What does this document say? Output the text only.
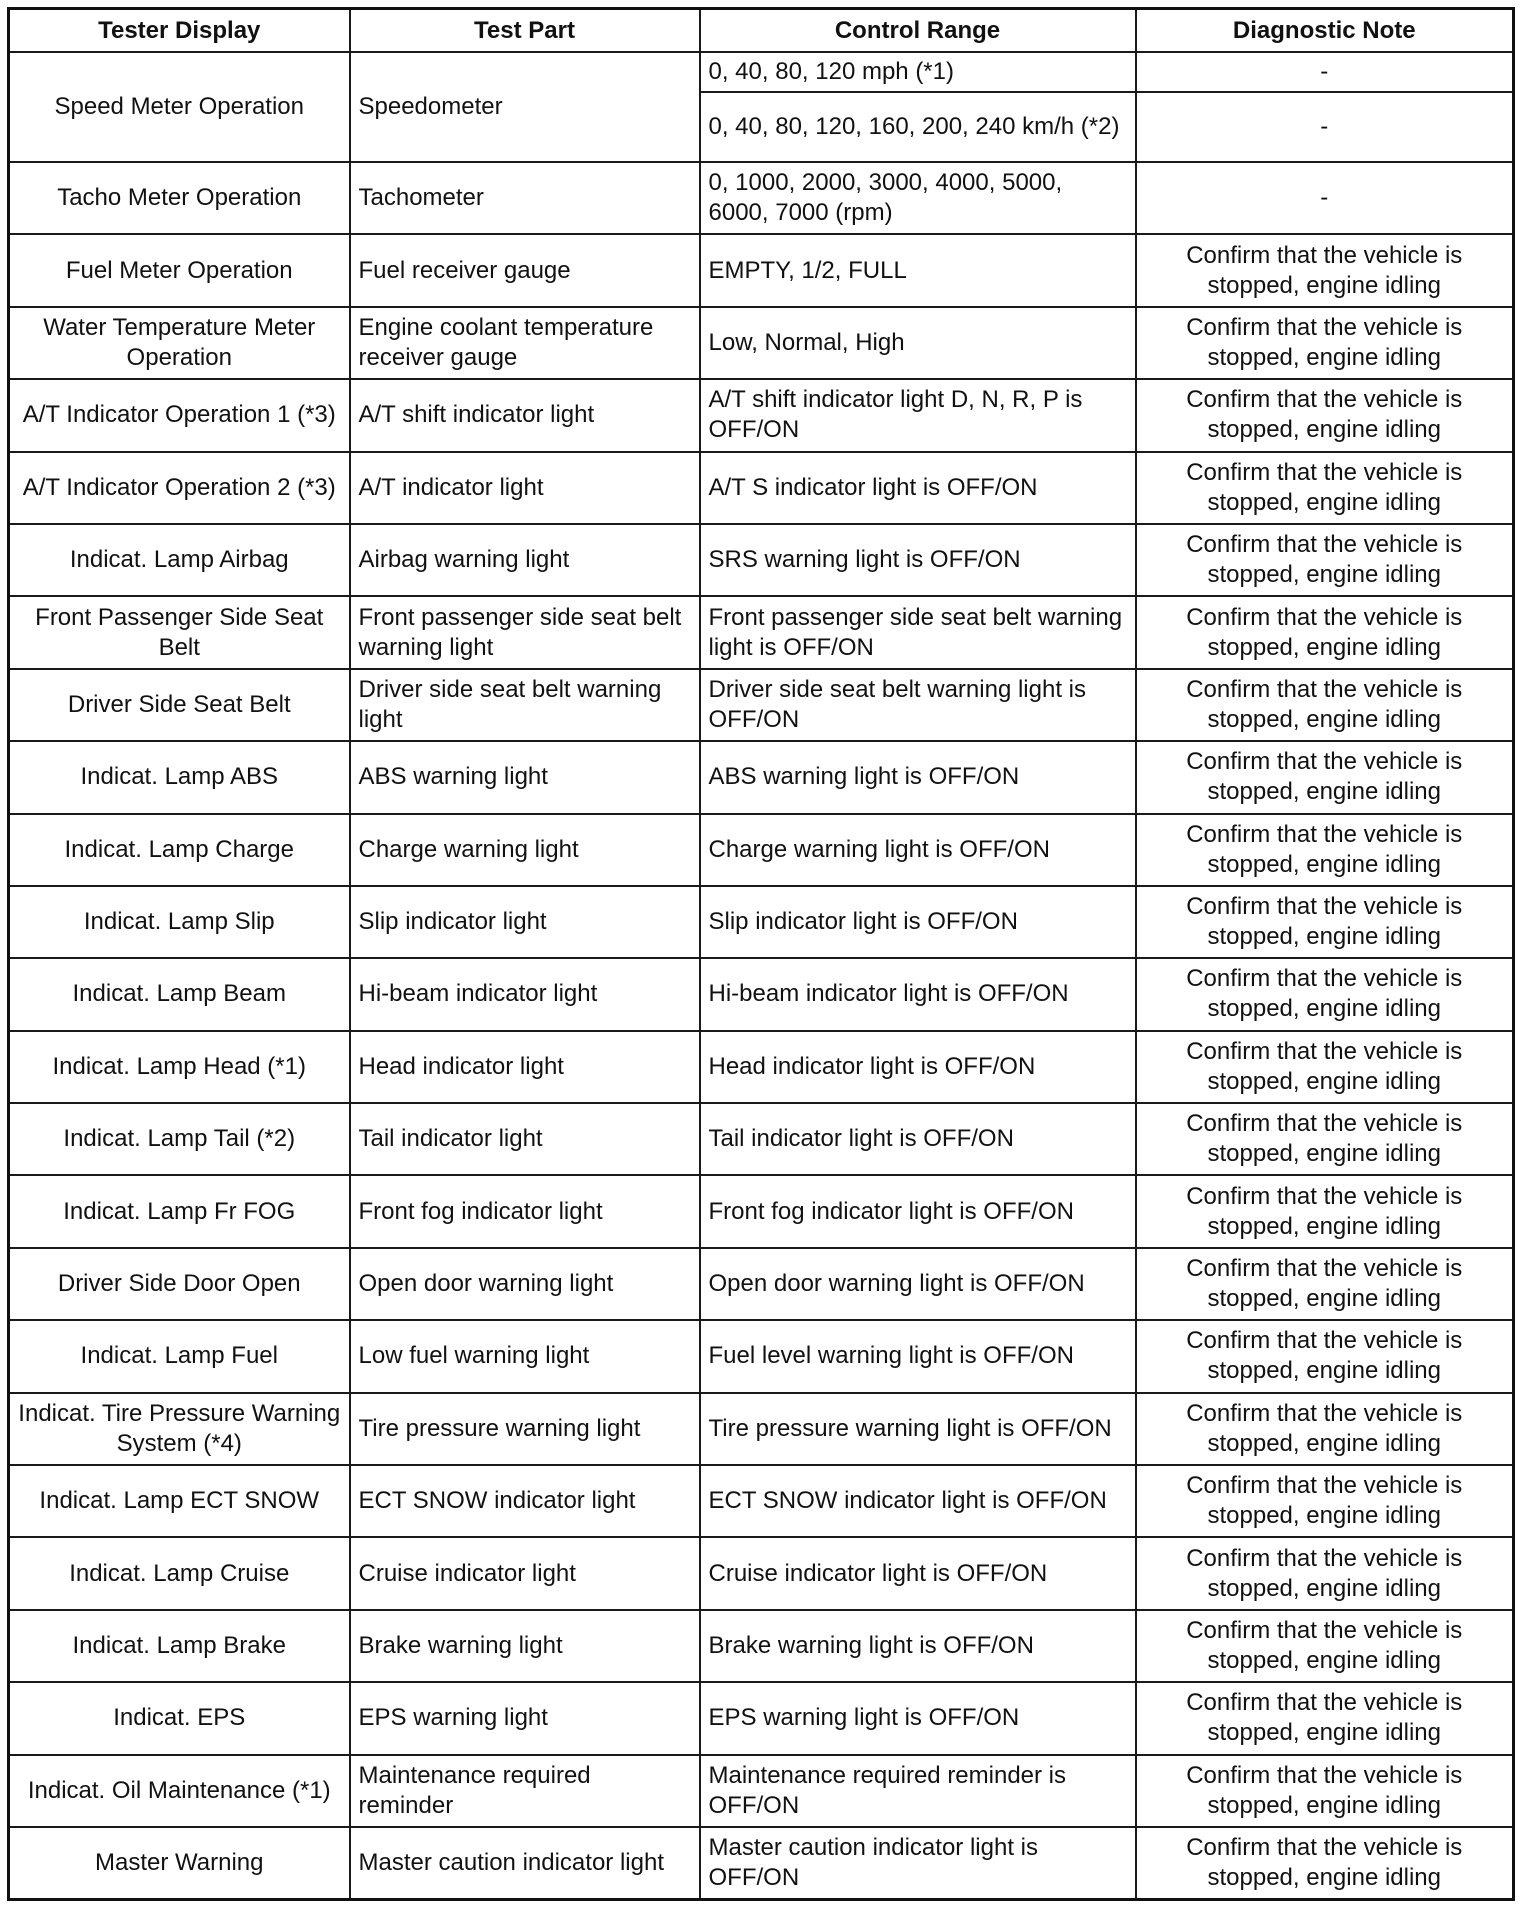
Tester Display	Test Part	Control Range	Diagnostic Note
Speed Meter Operation	Speedometer	0, 40, 80, 120 mph (*1)	-
		0, 40, 80, 120, 160, 200, 240 km/h (*2)	-
Tacho Meter Operation	Tachometer	0, 1000, 2000, 3000, 4000, 5000, 6000, 7000 (rpm)	-
Fuel Meter Operation	Fuel receiver gauge	EMPTY, 1/2, FULL	Confirm that the vehicle is stopped, engine idling
Water Temperature Meter Operation	Engine coolant temperature receiver gauge	Low, Normal, High	Confirm that the vehicle is stopped, engine idling
A/T Indicator Operation 1 (*3)	A/T shift indicator light	A/T shift indicator light D, N, R, P is OFF/ON	Confirm that the vehicle is stopped, engine idling
A/T Indicator Operation 2 (*3)	A/T indicator light	A/T S indicator light is OFF/ON	Confirm that the vehicle is stopped, engine idling
Indicat. Lamp Airbag	Airbag warning light	SRS warning light is OFF/ON	Confirm that the vehicle is stopped, engine idling
Front Passenger Side Seat Belt	Front passenger side seat belt warning light	Front passenger side seat belt warning light is OFF/ON	Confirm that the vehicle is stopped, engine idling
Driver Side Seat Belt	Driver side seat belt warning light	Driver side seat belt warning light is OFF/ON	Confirm that the vehicle is stopped, engine idling
Indicat. Lamp ABS	ABS warning light	ABS warning light is OFF/ON	Confirm that the vehicle is stopped, engine idling
Indicat. Lamp Charge	Charge warning light	Charge warning light is OFF/ON	Confirm that the vehicle is stopped, engine idling
Indicat. Lamp Slip	Slip indicator light	Slip indicator light is OFF/ON	Confirm that the vehicle is stopped, engine idling
Indicat. Lamp Beam	Hi-beam indicator light	Hi-beam indicator light is OFF/ON	Confirm that the vehicle is stopped, engine idling
Indicat. Lamp Head (*1)	Head indicator light	Head indicator light is OFF/ON	Confirm that the vehicle is stopped, engine idling
Indicat. Lamp Tail (*2)	Tail indicator light	Tail indicator light is OFF/ON	Confirm that the vehicle is stopped, engine idling
Indicat. Lamp Fr FOG	Front fog indicator light	Front fog indicator light is OFF/ON	Confirm that the vehicle is stopped, engine idling
Driver Side Door Open	Open door warning light	Open door warning light is OFF/ON	Confirm that the vehicle is stopped, engine idling
Indicat. Lamp Fuel	Low fuel warning light	Fuel level warning light is OFF/ON	Confirm that the vehicle is stopped, engine idling
Indicat. Tire Pressure Warning System (*4)	Tire pressure warning light	Tire pressure warning light is OFF/ON	Confirm that the vehicle is stopped, engine idling
Indicat. Lamp ECT SNOW	ECT SNOW indicator light	ECT SNOW indicator light is OFF/ON	Confirm that the vehicle is stopped, engine idling
Indicat. Lamp Cruise	Cruise indicator light	Cruise indicator light is OFF/ON	Confirm that the vehicle is stopped, engine idling
Indicat. Lamp Brake	Brake warning light	Brake warning light is OFF/ON	Confirm that the vehicle is stopped, engine idling
Indicat. EPS	EPS warning light	EPS warning light is OFF/ON	Confirm that the vehicle is stopped, engine idling
Indicat. Oil Maintenance (*1)	Maintenance required reminder	Maintenance required reminder is OFF/ON	Confirm that the vehicle is stopped, engine idling
Master Warning	Master caution indicator light	Master caution indicator light is OFF/ON	Confirm that the vehicle is stopped, engine idling
